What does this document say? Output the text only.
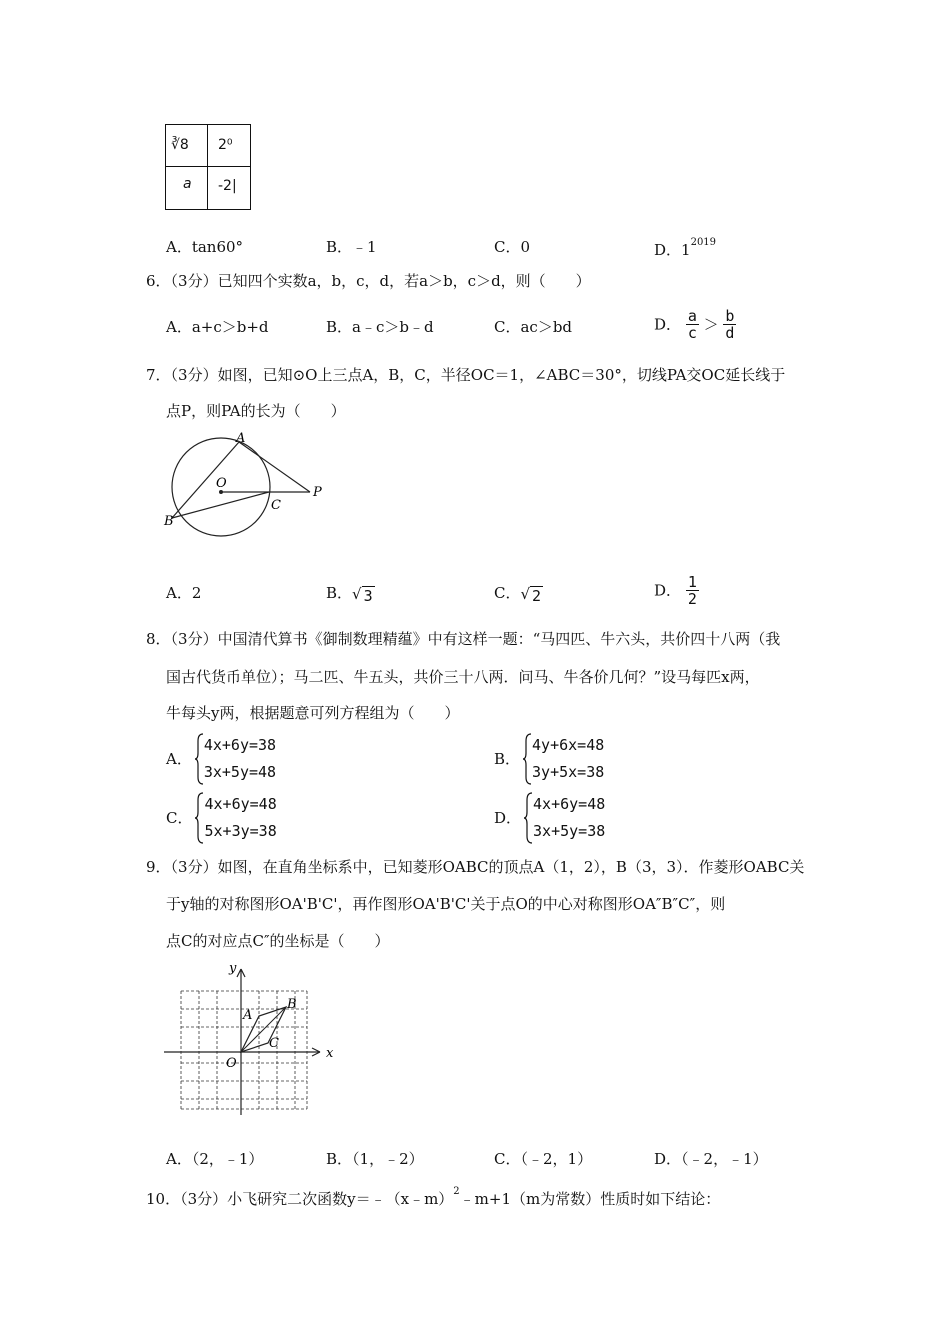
∛8 2⁰
a -2|
A．tan60°	B．﹣1	C．0	D．$1^{2019}$
6．（3分）已知四个实数a，b，c，d，若a＞b，c＞d，则（　　）
A．a+c＞b+d	B．a﹣c＞b﹣d	C．ac＞bd	D． $\frac{a}{c} > \frac{b}{d}$
7．（3分）如图，已知⊙O上三点A，B，C，半径OC＝1，∠ABC＝30°，切线PA交OC延长线于
点P，则PA的长为（　　）
A
O
C
P
B
A．2	B． √ 3	C． √ 2	D． $\frac{1}{2}$
8．（3分）中国清代算书《御制数理精蕴》中有这样一题：“马四匹、牛六头，共价四十八两（我
国古代货币单位）；马二匹、牛五头，共价三十八两．问马、牛各价几何？”设马每匹x两，
牛每头y两，根据题意可列方程组为（　　）
A．
4x+6y=38
3x+5y=48
B．
4y+6x=48
3y+5x=38
C．
4x+6y=48
5x+3y=38
D．
4x+6y=48
3x+5y=38
9．（3分）如图，在直角坐标系中，已知菱形OABC的顶点A（1，2），B（3，3）．作菱形OABC关
于y轴的对称图形OA'B'C'，再作图形OA'B'C'关于点O的中心对称图形OA″B″C″，则
点C的对应点C″的坐标是（　　）
y
x
O
A
B
C
A．（2，﹣1）	B．（1，﹣2）	C．（﹣2，1）	D．（﹣2，﹣1）
10．（3分）小飞研究二次函数y＝﹣（x﹣m）$^2$﹣m+1（m为常数）性质时如下结论：
